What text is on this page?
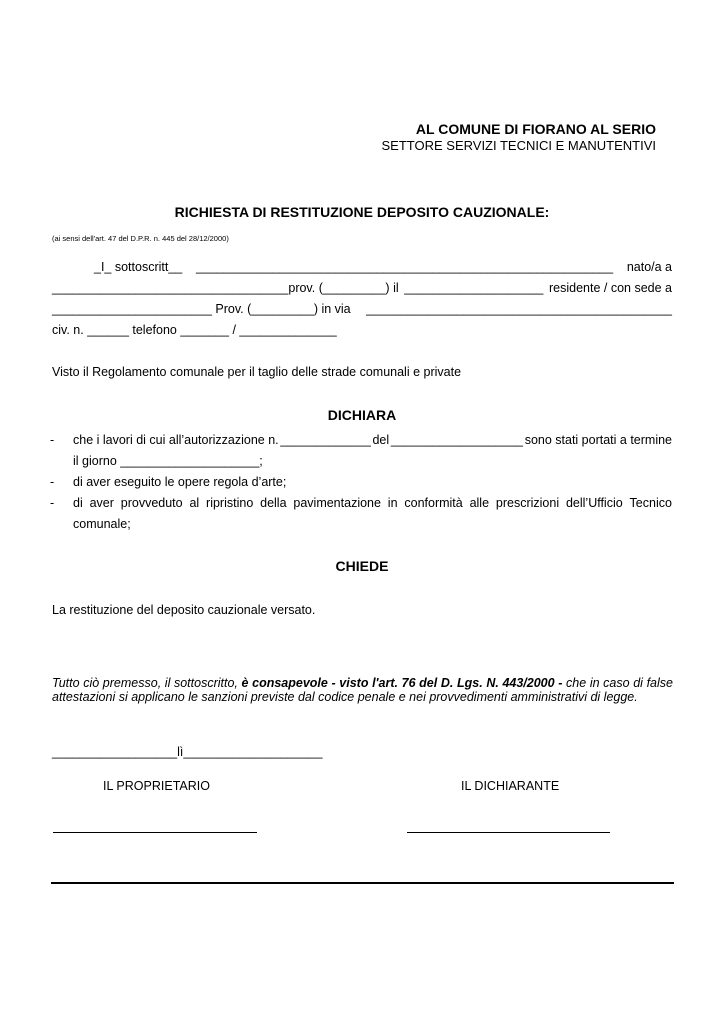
AL COMUNE DI FIORANO AL SERIO
SETTORE SERVIZI TECNICI E MANUTENTIVI
RICHIESTA DI RESTITUZIONE DEPOSITO CAUZIONALE:
(ai sensi dell'art. 47 del D.P.R. n. 445 del 28/12/2000)
_I_ sottoscritt__ ____________________________________________________________ nato/a a
__________________________________prov. (_________) il ____________________ residente / con sede a
_______________________ Prov. (_________) in via ____________________________________________
civ. n. ______ telefono _______ / ______________
Visto il Regolamento comunale per il taglio delle strade comunali e private
DICHIARA
- che i lavori di cui all’autorizzazione n. _____________ del ___________________ sono stati portati a termine
il giorno ____________________;
- di aver eseguito le opere regola d’arte;
- di aver provveduto al ripristino della pavimentazione in conformità alle prescrizioni dell’Ufficio Tecnico
comunale;
CHIEDE
La restituzione del deposito cauzionale versato.
Tutto ciò premesso, il sottoscritto, è consapevole - visto l'art. 76 del D. Lgs. N. 443/2000 - che in caso di false attestazioni si applicano le sanzioni previste dal codice penale e nei provvedimenti amministrativi di legge.
__________________lì____________________
IL PROPRIETARIO	IL DICHIARANTE
